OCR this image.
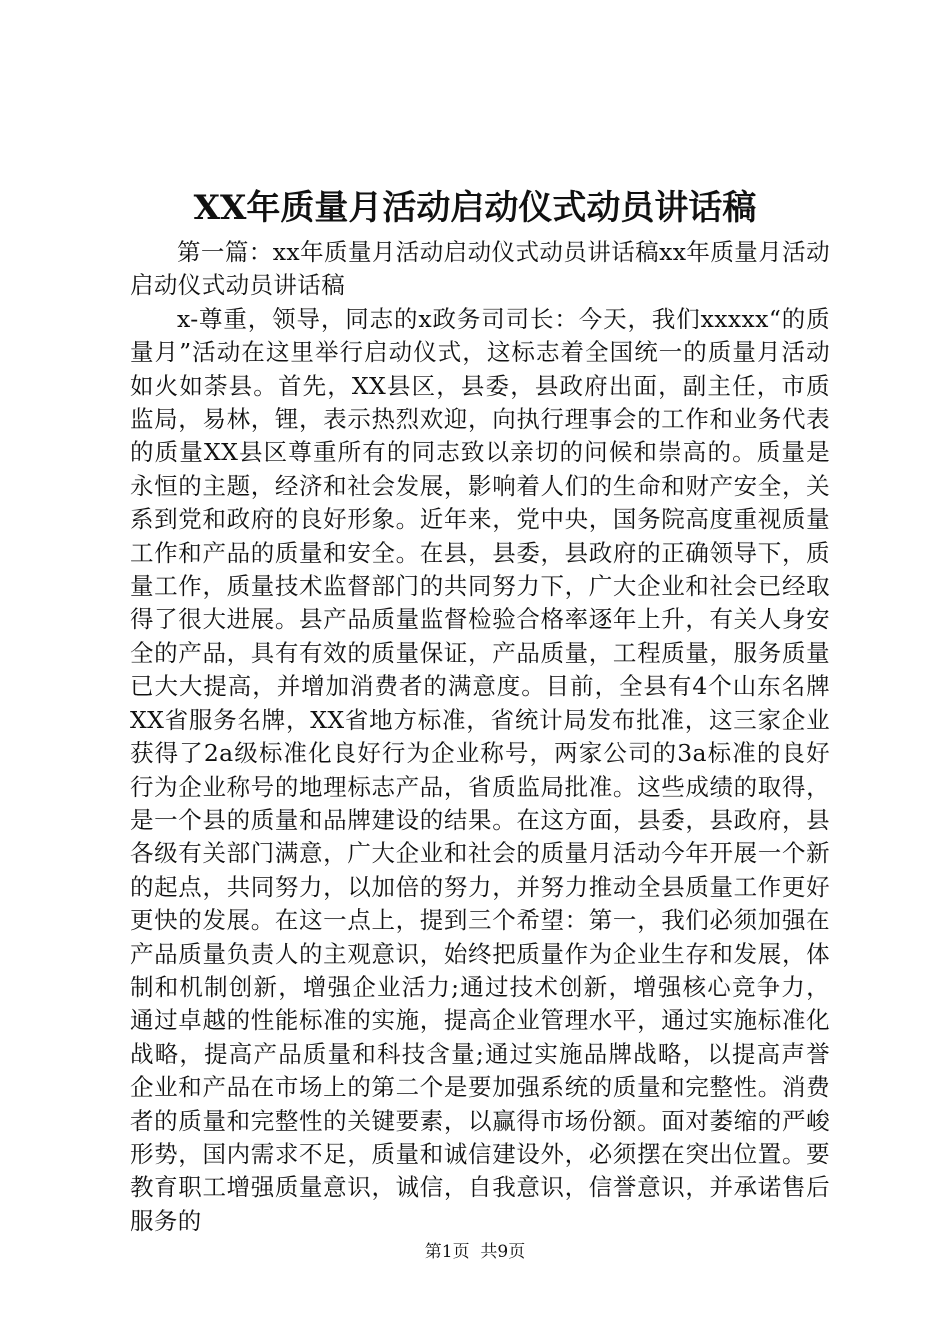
XX年质量月活动启动仪式动员讲话稿

第一篇：xx年质量月活动启动仪式动员讲话稿xx年质量月活动启动仪式动员讲话稿

x-尊重，领导，同志的x政务司司长：今天，我们xxxxx“的质量月”活动在这里举行启动仪式，这标志着全国统一的质量月活动如火如荼县。首先，XX县区，县委，县政府出面，副主任，市质监局，易林，锂，表示热烈欢迎，向执行理事会的工作和业务代表的质量XX县区尊重所有的同志致以亲切的问候和崇高的。质量是永恒的主题，经济和社会发展，影响着人们的生命和财产安全，关系到党和政府的良好形象。近年来，党中央，国务院高度重视质量工作和产品的质量和安全。在县，县委，县政府的正确领导下，质量工作，质量技术监督部门的共同努力下，广大企业和社会已经取得了很大进展。县产品质量监督检验合格率逐年上升，有关人身安全的产品，具有有效的质量保证，产品质量，工程质量，服务质量已大大提高，并增加消费者的满意度。目前，全县有4个山东名牌XX省服务名牌，XX省地方标准，省统计局发布批准，这三家企业获得了2a级标准化良好行为企业称号，两家公司的3a标准的良好行为企业称号的地理标志产品，省质监局批准。这些成绩的取得，是一个县的质量和品牌建设的结果。在这方面，县委，县政府，县各级有关部门满意，广大企业和社会的质量月活动今年开展一个新的起点，共同努力，以加倍的努力，并努力推动全县质量工作更好更快的发展。在这一点上，提到三个希望：第一，我们必须加强在产品质量负责人的主观意识，始终把质量作为企业生存和发展，体制和机制创新，增强企业活力;通过技术创新，增强核心竞争力，通过卓越的性能标准的实施，提高企业管理水平，通过实施标准化战略，提高产品质量和科技含量;通过实施品牌战略，以提高声誉企业和产品在市场上的第二个是要加强系统的质量和完整性。消费者的质量和完整性的关键要素，以赢得市场份额。面对萎缩的严峻形势，国内需求不足，质量和诚信建设外，必须摆在突出位置。要教育职工增强质量意识，诚信，自我意识，信誉意识，并承诺售后服务的

第1页  共9页
